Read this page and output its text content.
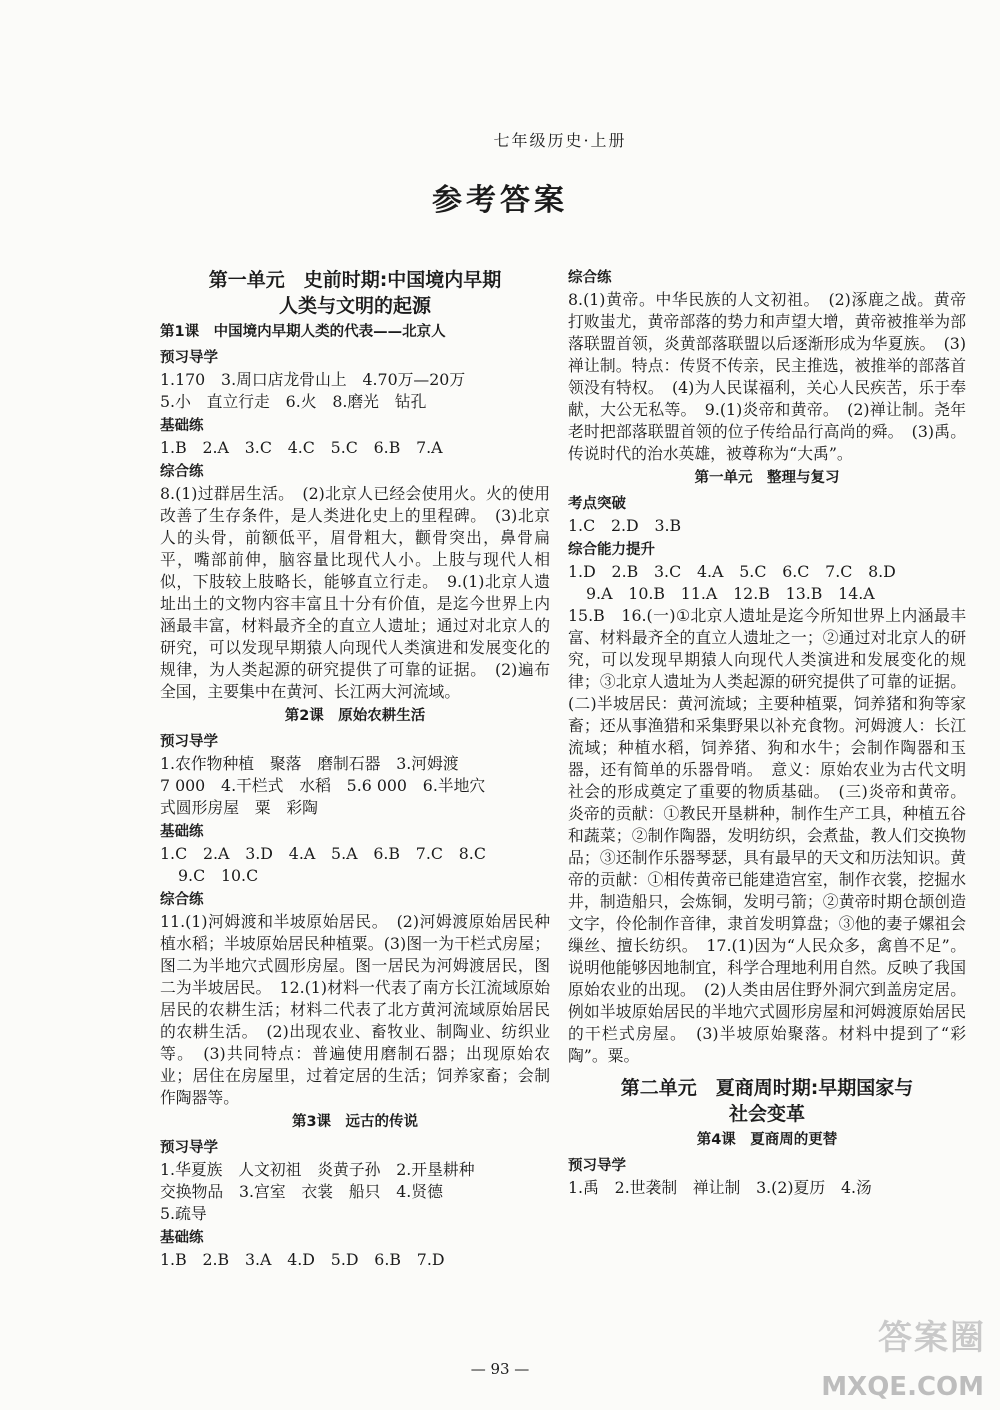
七年级历史·上册
参考答案
第一单元　史前时期:中国境内早期
人类与文明的起源
第1课　中国境内早期人类的代表——北京人
预习导学
1.170　3.周口店龙骨山上　4.70万—20万
5.小　直立行走　6.火　8.磨光　钻孔
基础练
1.B　2.A　3.C　4.C　5.C　6.B　7.A
综合练
8.(1)过群居生活。　(2)北京人已经会使用火。火的使用改善了生存条件，是人类进化史上的里程碑。　(3)北京人的头骨，前额低平，眉骨粗大，颧骨突出，鼻骨扁平，嘴部前伸，脑容量比现代人小。上肢与现代人相似，下肢较上肢略长，能够直立行走。　9.(1)北京人遗址出土的文物内容丰富且十分有价值，是迄今世界上内涵最丰富，材料最齐全的直立人遗址；通过对北京人的研究，可以发现早期猿人向现代人类演进和发展变化的规律，为人类起源的研究提供了可靠的证据。　(2)遍布全国，主要集中在黄河、长江两大河流域。
第2课　原始农耕生活
预习导学
1.农作物种植　聚落　磨制石器　3.河姆渡
7 000　4.干栏式　水稻　5.6 000　6.半地穴
式圆形房屋　粟　彩陶
基础练
1.C　2.A　3.D　4.A　5.A　6.B　7.C　8.C
9.C　10.C
综合练
11.(1)河姆渡和半坡原始居民。　(2)河姆渡原始居民种植水稻；半坡原始居民种植粟。(3)图一为干栏式房屋；图二为半地穴式圆形房屋。图一居民为河姆渡居民，图二为半坡居民。　12.(1)材料一代表了南方长江流域原始居民的农耕生活；材料二代表了北方黄河流域原始居民的农耕生活。　(2)出现农业、畜牧业、制陶业、纺织业等。　(3)共同特点：普遍使用磨制石器；出现原始农业；居住在房屋里，过着定居的生活；饲养家畜；会制作陶器等。
第3课　远古的传说
预习导学
1.华夏族　人文初祖　炎黄子孙　2.开垦耕种
交换物品　3.宫室　衣裳　船只　4.贤德
5.疏导
基础练
1.B　2.B　3.A　4.D　5.D　6.B　7.D
综合练
8.(1)黄帝。中华民族的人文初祖。　(2)涿鹿之战。黄帝打败蚩尤，黄帝部落的势力和声望大增，黄帝被推举为部落联盟首领，炎黄部落联盟以后逐渐形成为华夏族。　(3)禅让制。特点：传贤不传亲，民主推选，被推举的部落首领没有特权。　(4)为人民谋福利，关心人民疾苦，乐于奉献，大公无私等。　9.(1)炎帝和黄帝。　(2)禅让制。尧年老时把部落联盟首领的位子传给品行高尚的舜。　(3)禹。传说时代的治水英雄，被尊称为“大禹”。
第一单元　整理与复习
考点突破
1.C　2.D　3.B
综合能力提升
1.D　2.B　3.C　4.A　5.C　6.C　7.C　8.D
9.A　10.B　11.A　12.B　13.B　14.A
15.B　16.(一)①北京人遗址是迄今所知世界上内涵最丰富、材料最齐全的直立人遗址之一；②通过对北京人的研究，可以发现早期猿人向现代人类演进和发展变化的规律；③北京人遗址为人类起源的研究提供了可靠的证据。(二)半坡居民：黄河流域；主要种植粟，饲养猪和狗等家畜；还从事渔猎和采集野果以补充食物。河姆渡人：长江流域；种植水稻，饲养猪、狗和水牛；会制作陶器和玉器，还有简单的乐器骨哨。　意义：原始农业为古代文明社会的形成奠定了重要的物质基础。　(三)炎帝和黄帝。炎帝的贡献：①教民开垦耕种，制作生产工具，种植五谷和蔬菜；②制作陶器，发明纺织，会煮盐，教人们交换物品；③还制作乐器琴瑟，具有最早的天文和历法知识。黄帝的贡献：①相传黄帝已能建造宫室，制作衣裳，挖掘水井，制造船只，会炼铜，发明弓箭；②黄帝时期仓颉创造文字，伶伦制作音律，隶首发明算盘；③他的妻子嫘祖会缫丝、擅长纺织。　17.(1)因为“人民众多，禽兽不足”。说明他能够因地制宜，科学合理地利用自然。反映了我国原始农业的出现。　(2)人类由居住野外洞穴到盖房定居。例如半坡原始居民的半地穴式圆形房屋和河姆渡原始居民的干栏式房屋。　(3)半坡原始聚落。材料中提到了“彩陶”。粟。
第二单元　夏商周时期:早期国家与
社会变革
第4课　夏商周的更替
预习导学
1.禹　2.世袭制　禅让制　3.(2)夏历　4.汤
— 93 —
答案圈
MXQE.COM
